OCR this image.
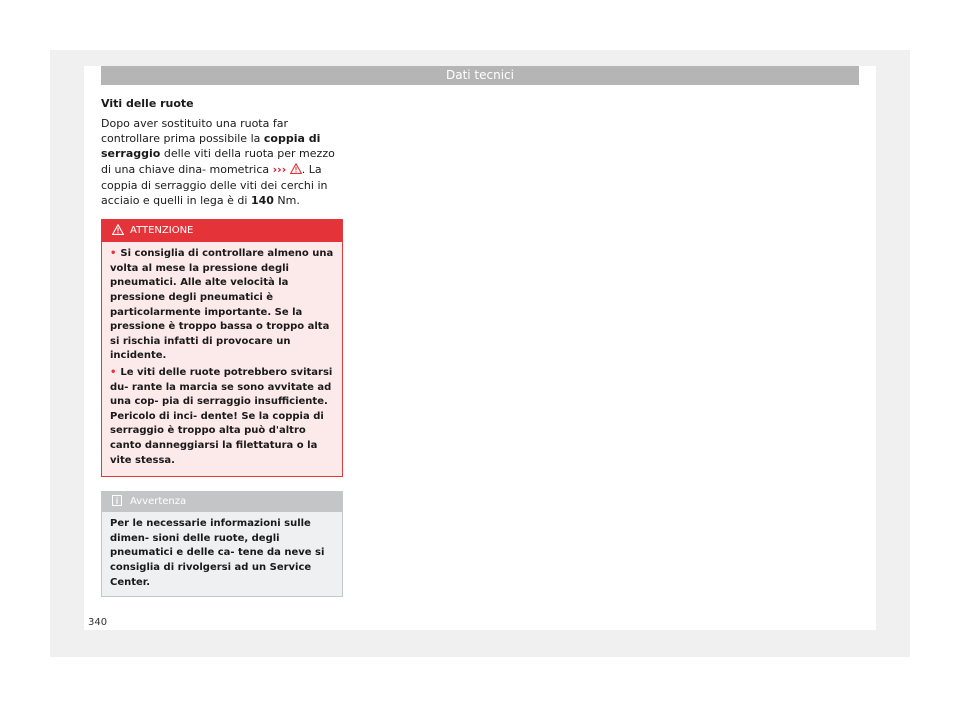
Dati tecnici
Viti delle ruote

Dopo aver sostituito una ruota far controllare prima possibile la coppia di serraggio delle viti della ruota per mezzo di una chiave dina- mometrica ››› . La coppia di serraggio delle viti dei cerchi in acciaio e quelli in lega è di 140 Nm.

ATTENZIONE
• Si consiglia di controllare almeno una volta al mese la pressione degli pneumatici. Alle alte velocità la pressione degli pneumatici è particolarmente importante. Se la pressione è troppo bassa o troppo alta si rischia infatti di provocare un incidente.
• Le viti delle ruote potrebbero svitarsi du- rante la marcia se sono avvitate ad una cop- pia di serraggio insufficiente. Pericolo di inci- dente! Se la coppia di serraggio è troppo alta può d'altro canto danneggiarsi la filettatura o la vite stessa.
Avvertenza
Per le necessarie informazioni sulle dimen- sioni delle ruote, degli pneumatici e delle ca- tene da neve si consiglia di rivolgersi ad un Service Center.
340
